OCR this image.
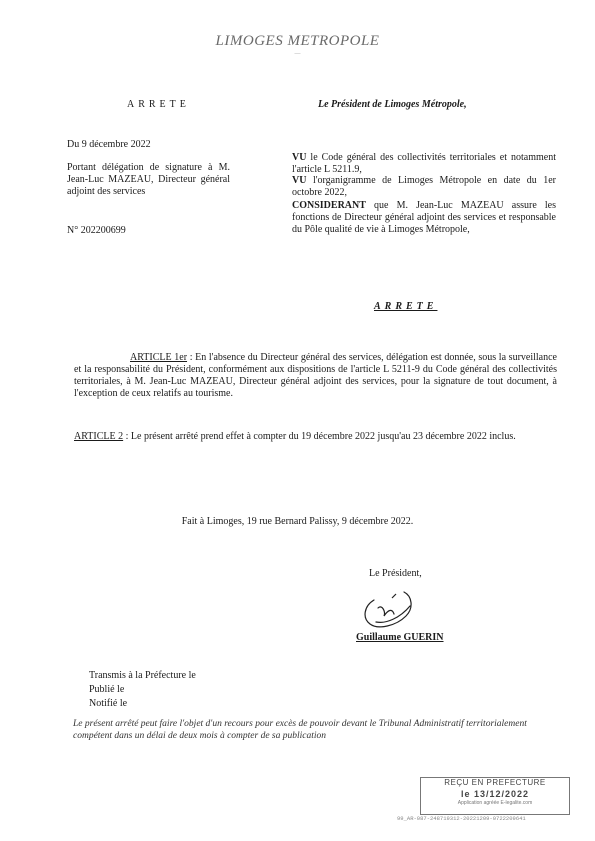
LIMOGES METROPOLE
—
ARRETE	Le Président de Limoges Métropole,
Du 9 décembre 2022
Portant délégation de signature à M. Jean-Luc MAZEAU, Directeur général adjoint des services
N° 202200699
VU le Code général des collectivités territoriales et notamment l'article L 5211.9,
VU l'organigramme de Limoges Métropole en date du 1er octobre 2022,
CONSIDERANT que M. Jean-Luc MAZEAU assure les fonctions de Directeur général adjoint des services et responsable du Pôle qualité de vie à Limoges Métropole,
ARRETE
ARTICLE 1er : En l'absence du Directeur général des services, délégation est donnée, sous la surveillance et la responsabilité du Président, conformément aux dispositions de l'article L 5211-9 du Code général des collectivités territoriales, à M. Jean-Luc MAZEAU, Directeur général adjoint des services, pour la signature de tout document, à l'exception de ceux relatifs au tourisme.
ARTICLE 2 : Le présent arrêté prend effet à compter du 19 décembre 2022 jusqu'au 23 décembre 2022 inclus.
Fait à Limoges, 19 rue Bernard Palissy, 9 décembre 2022.
Le Président,
Guillaume GUERIN
Transmis à la Préfecture le
Publié le
Notifié le
Le présent arrêté peut faire l'objet d'un recours pour excès de pouvoir devant le Tribunal Administratif territorialement compétent dans un délai de deux mois à compter de sa publication
REÇU EN PREFECTURE
le 13/12/2022
Application agréée E-legalite.com
99_AR-087-248719312-20221209-0722209641
